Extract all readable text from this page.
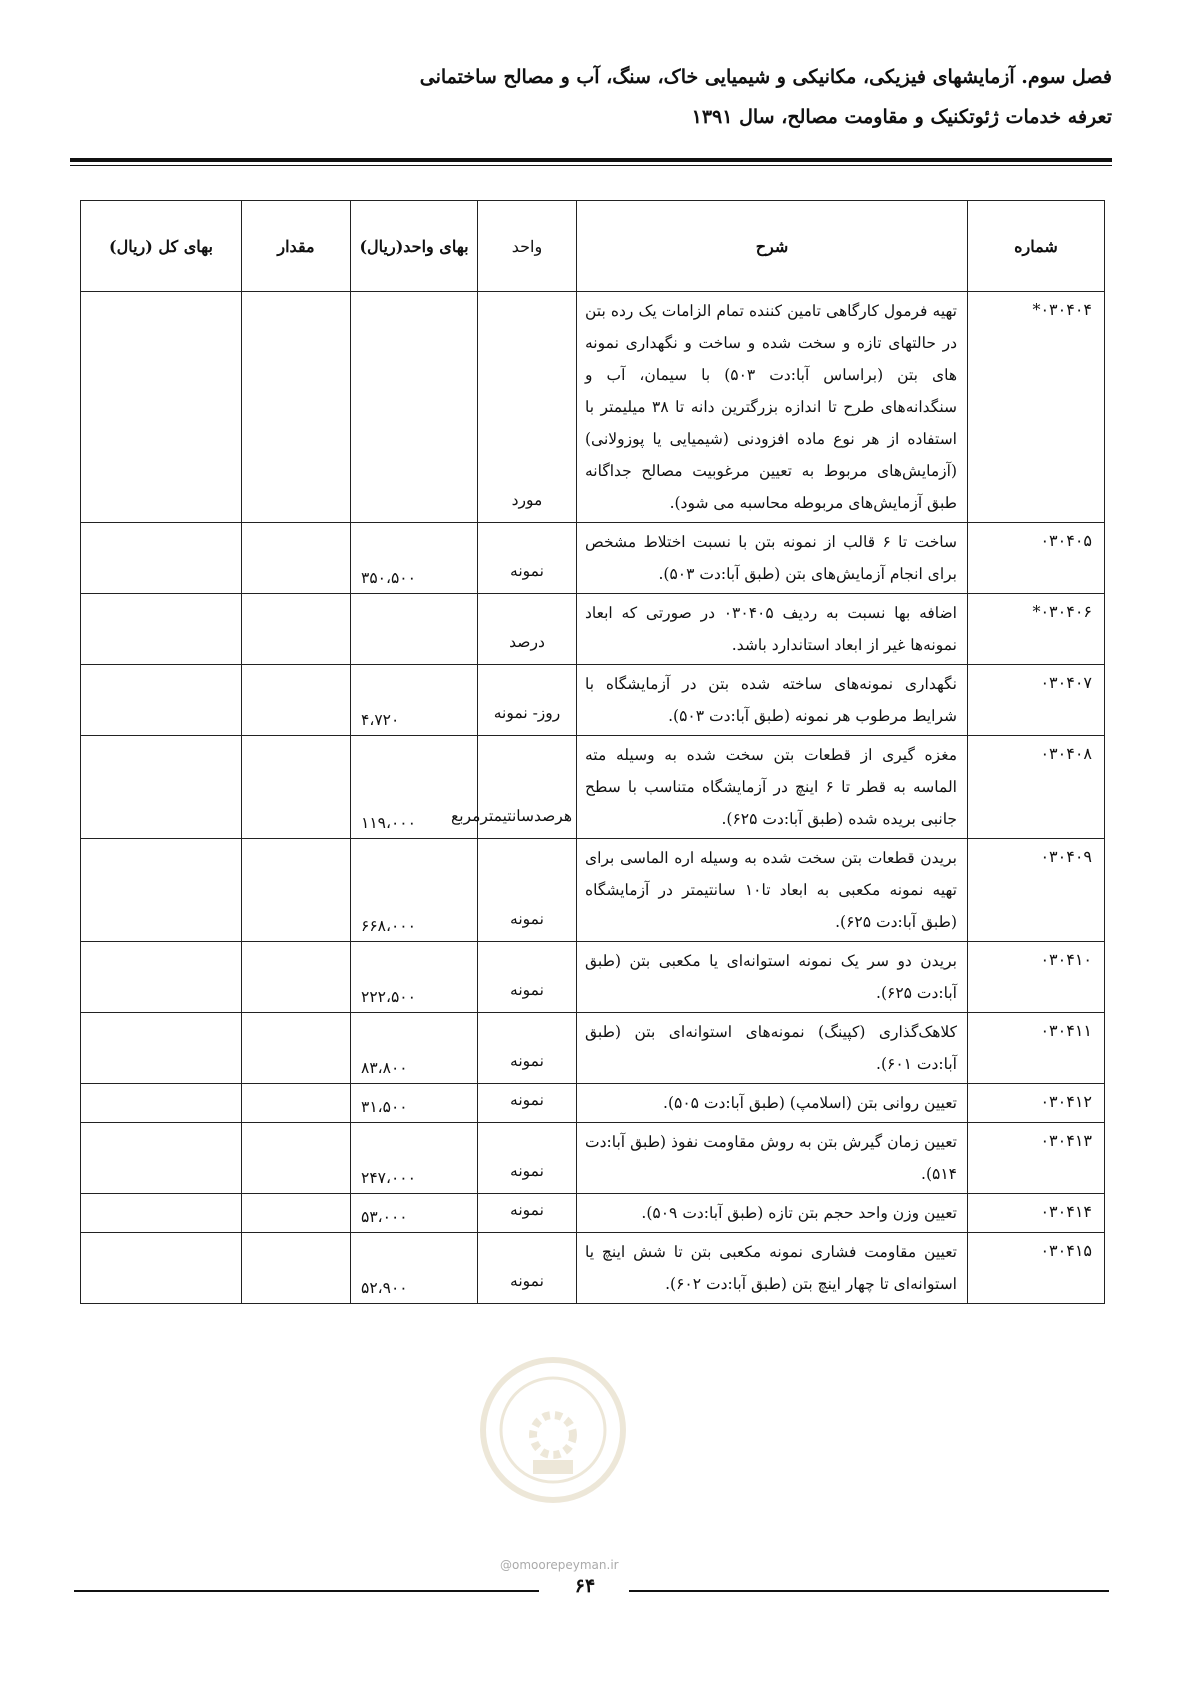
فصل سوم. آزمایشهای فیزیکی، مکانیکی و شیمیایی خاک، سنگ، آب و مصالح ساختمانی
تعرفه خدمات ژئوتکنیک و مقاومت مصالح، سال ۱۳۹۱
شماره	شرح	واحد	بهای واحد(ریال)	مقدار	بهای کل (ریال)
٠٣٠۴٠۴*	تهیه فرمول کارگاهی تامین کننده تمام الزامات یک رده بتن در حالتهای تازه و سخت شده و ساخت و نگهداری نمونه های بتن (براساس آبا:دت ۵۰۳) با سیمان، آب و سنگدانه‌های طرح تا اندازه بزرگترین دانه تا ۳۸ میلیمتر با استفاده از هر نوع ماده افزودنی (شیمیایی یا پوزولانی) (آزمایش‌های مربوط به تعیین مرغوبیت مصالح جداگانه طبق آزمایش‌های مربوطه محاسبه می شود).	مورد			
٠٣٠۴٠۵	ساخت تا ۶ قالب از نمونه بتن با نسبت اختلاط مشخص برای انجام آزمایش‌های بتن (طبق آبا:دت ۵۰۳).	نمونه	۳۵۰،۵۰۰		
٠٣٠۴٠۶*	اضافه بها نسبت به ردیف ۰۳۰۴۰۵ در صورتی که ابعاد نمونه‌ها غیر از ابعاد استاندارد باشد.	درصد			
٠٣٠۴٠٧	نگهداری نمونه‌های ساخته شده بتن در آزمایشگاه با شرایط مرطوب هر نمونه (طبق آبا:دت ۵۰۳).	روز- نمونه	۴،۷۲۰		
٠٣٠۴٠٨	مغزه گیری از قطعات بتن سخت شده به وسیله مته الماسه به قطر تا ۶ اینچ در آزمایشگاه متناسب با سطح جانبی بریده شده (طبق آبا:دت ۶۲۵).	هرصدسانتیمترمربع	۱۱۹،۰۰۰		
٠٣٠۴٠٩	بریدن قطعات بتن سخت شده به وسیله اره الماسی برای تهیه نمونه مکعبی به ابعاد تا۱۰ سانتیمتر در آزمایشگاه (طبق آبا:دت ۶۲۵).	نمونه	۶۶۸،۰۰۰		
٠٣٠۴١٠	بریدن دو سر یک نمونه استوانه‌ای یا مکعبی بتن (طبق آبا:دت ۶۲۵).	نمونه	۲۲۲،۵۰۰		
٠٣٠۴١١	کلاهک‌گذاری (کپینگ) نمونه‌های استوانه‌ای بتن (طبق آبا:دت ۶۰۱).	نمونه	۸۳،۸۰۰		
٠٣٠۴١٢	تعیین روانی بتن (اسلامپ) (طبق آبا:دت ۵۰۵).	نمونه	۳۱،۵۰۰		
٠٣٠۴١٣	تعیین زمان گیرش بتن به روش مقاومت نفوذ (طبق آبا:دت ۵۱۴).	نمونه	۲۴۷،۰۰۰		
٠٣٠۴١۴	تعیین وزن واحد حجم بتن تازه (طبق آبا:دت ۵۰۹).	نمونه	۵۳،۰۰۰		
٠٣٠۴١۵	تعیین مقاومت فشاری نمونه مکعبی بتن تا شش اینچ یا استوانه‌ای تا چهار اینچ بتن (طبق آبا:دت ۶۰۲).	نمونه	۵۲،۹۰۰		
@omoorepeyman.ir
۶۴
